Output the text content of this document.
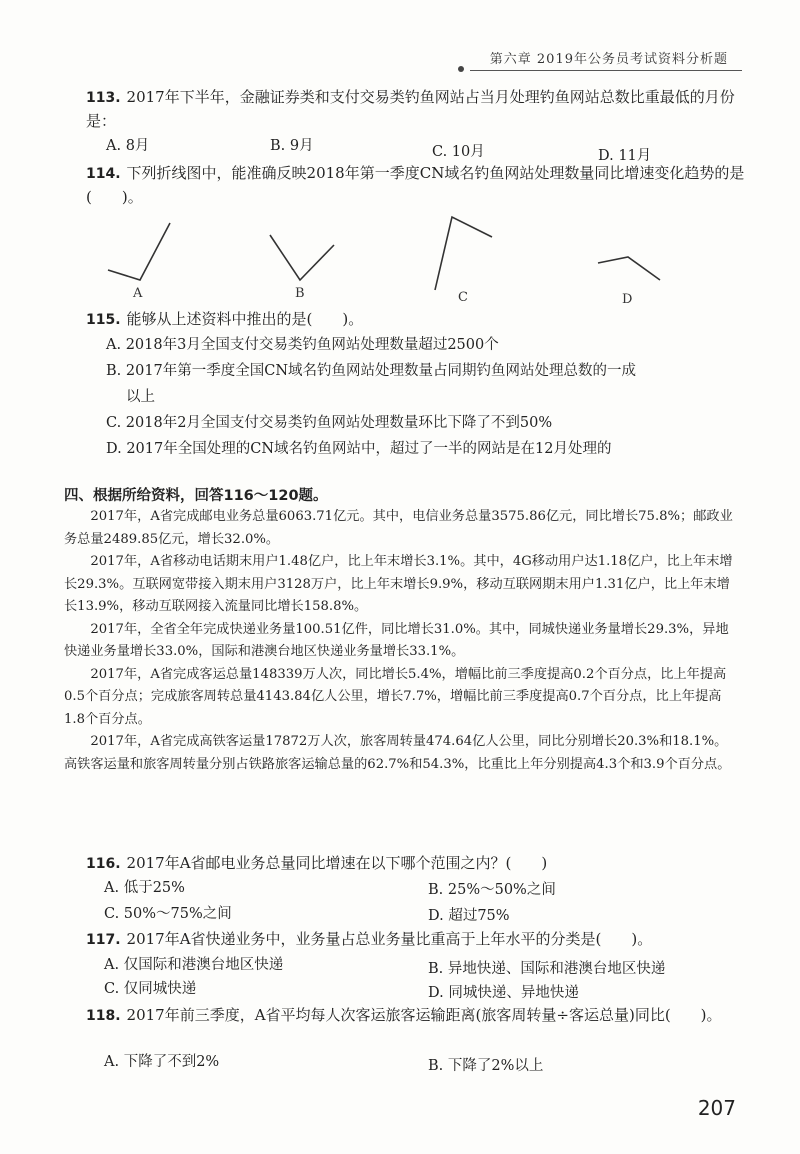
第六章 2019年公务员考试资料分析题
113. 2017年下半年，金融证券类和支付交易类钓鱼网站占当月处理钓鱼网站总数比重最低的月份是：
A. 8月	B. 9月	C. 10月	D. 11月
114. 下列折线图中，能准确反映2018年第一季度CN域名钓鱼网站处理数量同比增速变化趋势的是(　　)。
A	B	C	D
115. 能够从上述资料中推出的是(　　)。
A. 2018年3月全国支付交易类钓鱼网站处理数量超过2500个
B. 2017年第一季度全国CN域名钓鱼网站处理数量占同期钓鱼网站处理总数的一成
以上
C. 2018年2月全国支付交易类钓鱼网站处理数量环比下降了不到50%
D. 2017年全国处理的CN域名钓鱼网站中，超过了一半的网站是在12月处理的
四、根据所给资料，回答116～120题。

2017年，A省完成邮电业务总量6063.71亿元。其中，电信业务总量3575.86亿元，同比增长75.8%；邮政业务总量2489.85亿元，增长32.0%。

2017年，A省移动电话期末用户1.48亿户，比上年末增长3.1%。其中，4G移动用户达1.18亿户，比上年末增长29.3%。互联网宽带接入期末用户3128万户，比上年末增长9.9%，移动互联网期末用户1.31亿户，比上年末增长13.9%，移动互联网接入流量同比增长158.8%。

2017年，全省全年完成快递业务量100.51亿件，同比增长31.0%。其中，同城快递业务量增长29.3%，异地快递业务量增长33.0%，国际和港澳台地区快递业务量增长33.1%。

2017年，A省完成客运总量148339万人次，同比增长5.4%，增幅比前三季度提高0.2个百分点，比上年提高0.5个百分点；完成旅客周转总量4143.84亿人公里，增长7.7%，增幅比前三季度提高0.7个百分点，比上年提高1.8个百分点。

2017年，A省完成高铁客运量17872万人次，旅客周转量474.64亿人公里，同比分别增长20.3%和18.1%。高铁客运量和旅客周转量分别占铁路旅客运输总量的62.7%和54.3%，比重比上年分别提高4.3个和3.9个百分点。

116. 2017年A省邮电业务总量同比增速在以下哪个范围之内？(　　)
A. 低于25%	B. 25%～50%之间
C. 50%～75%之间	D. 超过75%
117. 2017年A省快递业务中，业务量占总业务量比重高于上年水平的分类是(　　)。
A. 仅国际和港澳台地区快递	B. 异地快递、国际和港澳台地区快递
C. 仅同城快递	D. 同城快递、异地快递
118. 2017年前三季度，A省平均每人次客运旅客运输距离(旅客周转量÷客运总量)同比(　　)。
A. 下降了不到2%	B. 下降了2%以上
207
